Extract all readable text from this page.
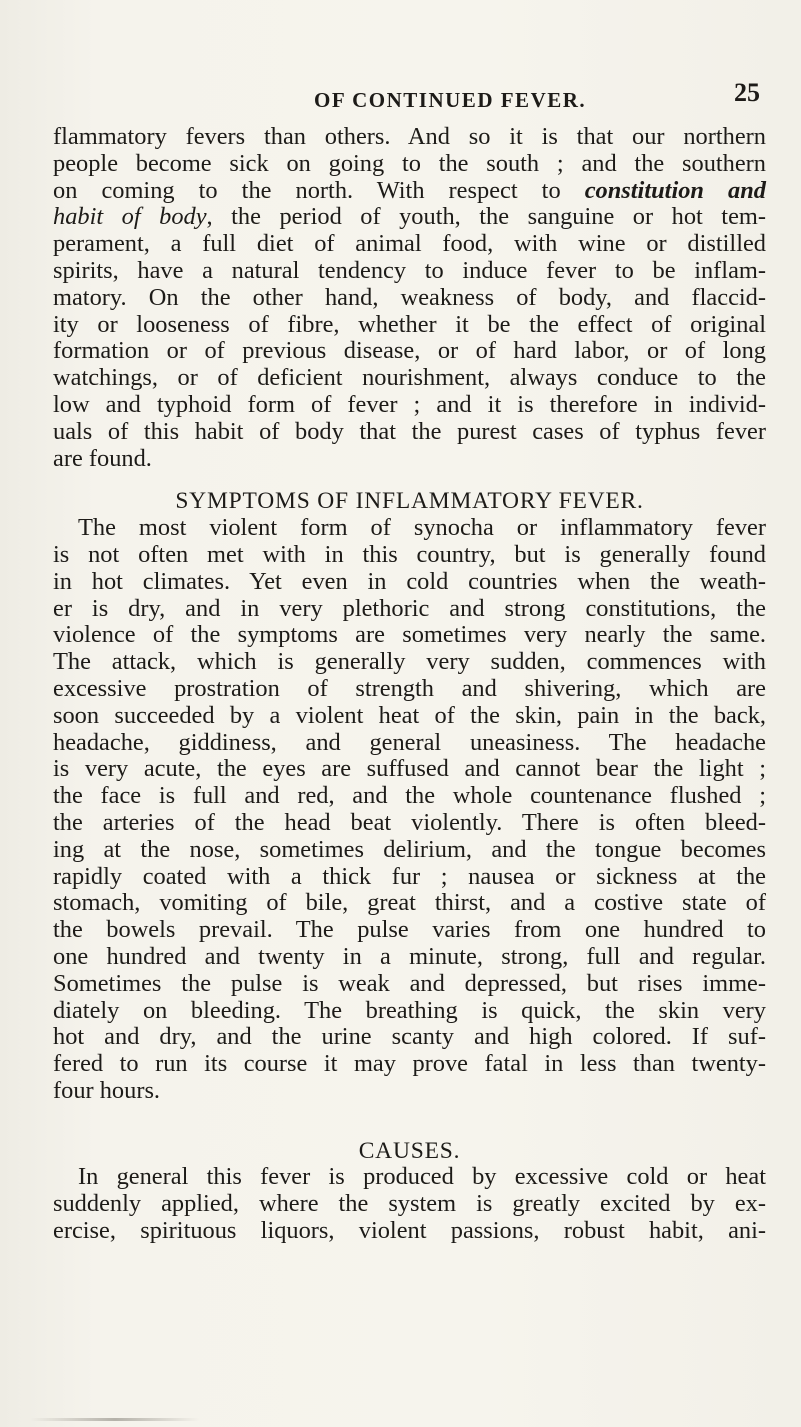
OF CONTINUED FEVER.	25
flammatory fevers than others. And so it is that our northern
people become sick on going to the south ; and the southern
on coming to the north. With respect to constitution and
habit of body, the period of youth, the sanguine or hot tem-
perament, a full diet of animal food, with wine or distilled
spirits, have a natural tendency to induce fever to be inflam-
matory. On the other hand, weakness of body, and flaccid-
ity or looseness of fibre, whether it be the effect of original
formation or of previous disease, or of hard labor, or of long
watchings, or of deficient nourishment, always conduce to the
low and typhoid form of fever ; and it is therefore in individ-
uals of this habit of body that the purest cases of typhus fever
are found.
SYMPTOMS OF INFLAMMATORY FEVER.
The most violent form of synocha or inflammatory fever
is not often met with in this country, but is generally found
in hot climates. Yet even in cold countries when the weath-
er is dry, and in very plethoric and strong constitutions, the
violence of the symptoms are sometimes very nearly the same.
The attack, which is generally very sudden, commences with
excessive prostration of strength and shivering, which are
soon succeeded by a violent heat of the skin, pain in the back,
headache, giddiness, and general uneasiness. The headache
is very acute, the eyes are suffused and cannot bear the light ;
the face is full and red, and the whole countenance flushed ;
the arteries of the head beat violently. There is often bleed-
ing at the nose, sometimes delirium, and the tongue becomes
rapidly coated with a thick fur ; nausea or sickness at the
stomach, vomiting of bile, great thirst, and a costive state of
the bowels prevail. The pulse varies from one hundred to
one hundred and twenty in a minute, strong, full and regular.
Sometimes the pulse is weak and depressed, but rises imme-
diately on bleeding. The breathing is quick, the skin very
hot and dry, and the urine scanty and high colored. If suf-
fered to run its course it may prove fatal in less than twenty-
four hours.
CAUSES.
In general this fever is produced by excessive cold or heat
suddenly applied, where the system is greatly excited by ex-
ercise, spirituous liquors, violent passions, robust habit, ani-
